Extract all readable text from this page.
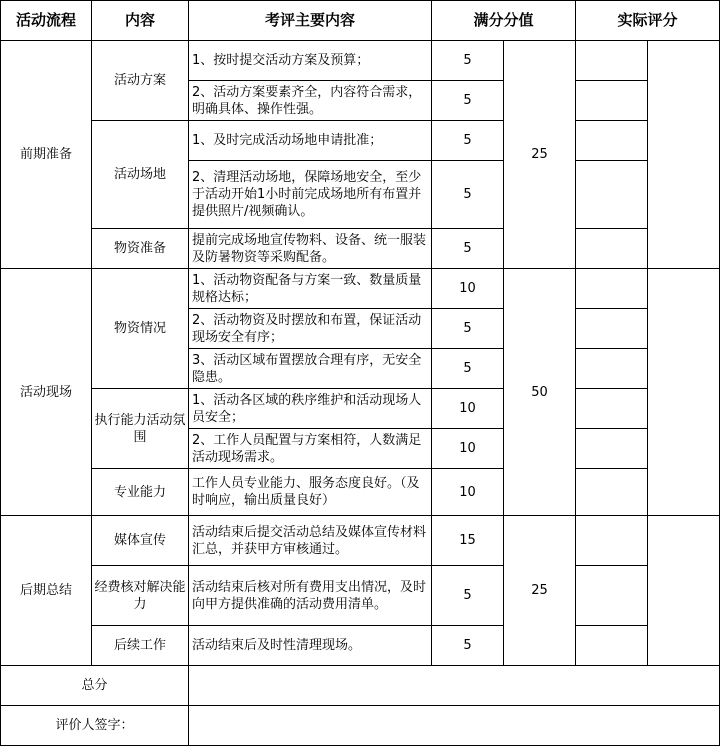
活动流程	内容	考评主要内容	满分分值		实际评分	
前期准备	活动方案	1、按时提交活动方案及预算；	5	25		
		2、活动方案要素齐全，内容符合需求，明确具体、操作性强。	5			
	活动场地	1、及时完成活动场地申请批准；	5			
		2、清理活动场地，保障场地安全，至少于活动开始1小时前完成场地所有布置并提供照片/视频确认。	5			
	物资准备	提前完成场地宣传物料、设备、统一服装及防暑物资等采购配备。	5			
活动现场	物资情况	1、活动物资配备与方案一致、数量质量规格达标；	10	50		
		2、活动物资及时摆放和布置，保证活动现场安全有序；	5			
		3、活动区域布置摆放合理有序，无安全隐患。	5			
	执行能力活动氛围	1、活动各区域的秩序维护和活动现场人员安全；	10			
		2、工作人员配置与方案相符，人数满足活动现场需求。	10			
	专业能力	工作人员专业能力、服务态度良好。（及时响应，输出质量良好）	10			
后期总结	媒体宣传	活动结束后提交活动总结及媒体宣传材料汇总，并获甲方审核通过。	15	25		
	经费核对解决能力	活动结束后核对所有费用支出情况，及时向甲方提供准确的活动费用清单。	5			
	后续工作	活动结束后及时性清理现场。	5			
总分						
评价人签字：						
